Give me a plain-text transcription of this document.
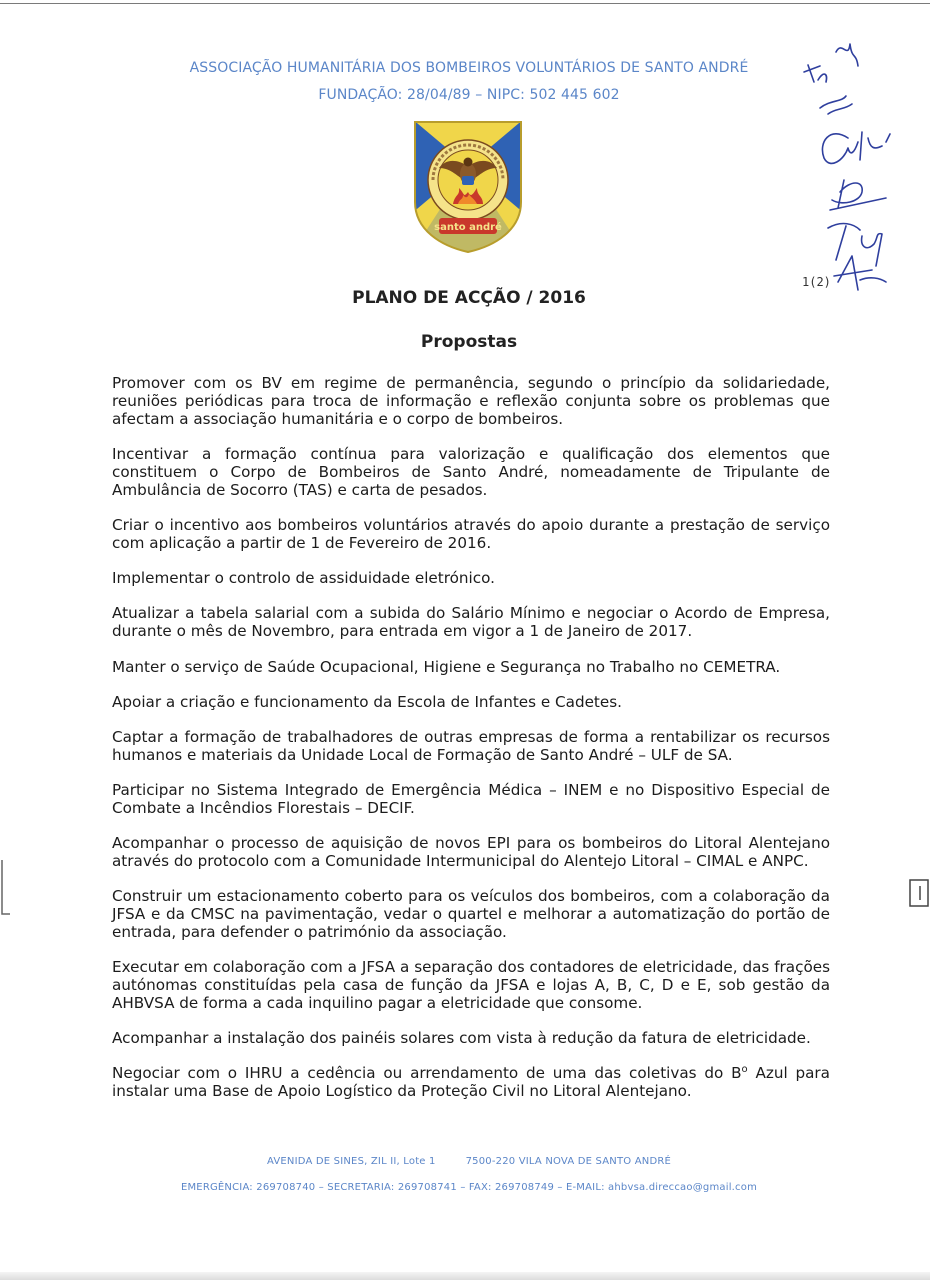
ASSOCIAÇÃO HUMANITÁRIA DOS BOMBEIROS VOLUNTÁRIOS DE SANTO ANDRÉ
FUNDAÇÃO: 28/04/89 – NIPC: 502 445 602
santo andré
1(2)
PLANO DE ACÇÃO / 2016
Propostas
Promover com os BV em regime de permanência, segundo o princípio da solidariedade, reuniões periódicas para troca de informação e reflexão conjunta sobre os problemas que afectam a associação humanitária e o corpo de bombeiros.
Incentivar a formação contínua para valorização e qualificação dos elementos que constituem o Corpo de Bombeiros de Santo André, nomeadamente de Tripulante de Ambulância de Socorro (TAS) e carta de pesados.
Criar o incentivo aos bombeiros voluntários através do apoio durante a prestação de serviço com aplicação a partir de 1 de Fevereiro de 2016.
Implementar o controlo de assiduidade eletrónico.
Atualizar a tabela salarial com a subida do Salário Mínimo e negociar o Acordo de Empresa, durante o mês de Novembro, para entrada em vigor a 1 de Janeiro de 2017.
Manter o serviço de Saúde Ocupacional, Higiene e Segurança no Trabalho no CEMETRA.
Apoiar a criação e funcionamento da Escola de Infantes e Cadetes.
Captar a formação de trabalhadores de outras empresas de forma a rentabilizar os recursos humanos e materiais da Unidade Local de Formação de Santo André – ULF de SA.
Participar no Sistema Integrado de Emergência Médica – INEM e no Dispositivo Especial de Combate a Incêndios Florestais – DECIF.
Acompanhar o processo de aquisição de novos EPI para os bombeiros do Litoral Alentejano através do protocolo com a Comunidade Intermunicipal do Alentejo Litoral – CIMAL e ANPC.
Construir um estacionamento coberto para os veículos dos bombeiros, com a colaboração da JFSA e da CMSC na pavimentação, vedar o quartel e melhorar a automatização do portão de entrada, para defender o património da associação.
Executar em colaboração com a JFSA a separação dos contadores de eletricidade, das frações autónomas constituídas pela casa de função da JFSA e lojas A, B, C, D e E, sob gestão da AHBVSA de forma a cada inquilino pagar a eletricidade que consome.
Acompanhar a instalação dos painéis solares com vista à redução da fatura de eletricidade.
Negociar com o IHRU a cedência ou arrendamento de uma das coletivas do $B^o$ Azul para instalar uma Base de Apoio Logístico da Proteção Civil no Litoral Alentejano.
AVENIDA DE SINES, ZIL II, Lote 1	7500-220 VILA NOVA DE SANTO ANDRÉ
EMERGÊNCIA: 269708740 – SECRETARIA: 269708741 – FAX: 269708749 – E-MAIL: ahbvsa.direccao@gmail.com
